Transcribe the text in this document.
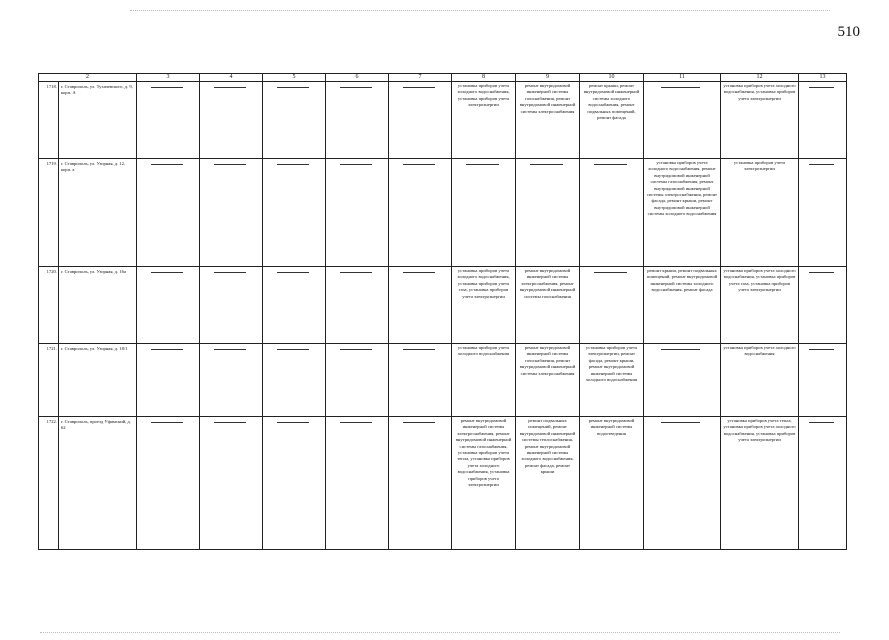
510
2		3	4	5	6	7	8	9	10	11	12	13
1718.	г. Ставрополь, ул. Тухачевского, д. 9, корп. А						установка приборов учета холодного водоснабжения, установка приборов учета электроэнергии	ремонт внутридомовой инженерной системы газоснабжения, ремонт внутридомовой инженерной системы электроснабжения	ремонт крыши, ремонт внутридомовой инженерной системы холодного водоснабжения, ремонт подвальных помещений, ремонт фасада		установка приборов учета холодного водоснабжения, установка приборов учета электроэнергии	
1719.	г. Ставрополь, ул. Узорная, д. 12, корп. а									установка приборов учета холодного водоснабжения, ремонт внутридомовой инженерной системы газоснабжения, ремонт внутридомовой инженерной системы электроснабжения, ремонт фасада, ремонт крыши, ремонт внутридомовой инженерной системы холодного водоснабжения	установка приборов учета электроэнергии	
1720.	г. Ставрополь, ул. Узорная, д. 16а						установка приборов учета холодного водоснабжения, установка приборов учета газа, установка приборов учета электроэнергии	ремонт внутридомовой инженерной системы электроснабжения, ремонт внутридомовой инженерной системы газоснабжения		ремонт крыши, ремонт подвальных помещений, ремонт внутридомовой инженерной системы холодного водоснабжения, ремонт фасада	установка приборов учета холодного водоснабжения, установка приборов учета газа, установка приборов учета электроэнергии	
1721.	г. Ставрополь, ул. Узорная, д. 18/1						установка приборов учета холодного водоснабжения	ремонт внутридомовой инженерной системы газоснабжения, ремонт внутридомовой инженерной системы электроснабжения	установка приборов учета электроэнергии, ремонт фасада, ремонт крыши, ремонт внутридомовой инженерной системы холодного водоснабжения		установка приборов учета холодного водоснабжения	
1722.	г. Ставрополь, проезд Уфимский, д. 62						ремонт внутридомовой инженерной системы электроснабжения, ремонт внутридомовой инженерной системы газоснабжения, установка приборов учета тепла, установка приборов учета холодного водоснабжения, установка приборов учета электроэнергии	ремонт подвальных помещений, ремонт внутридомовой инженерной системы теплоснабжения, ремонт внутридомовой инженерной системы холодного водоснабжения, ремонт фасада, ремонт крыши	ремонт внутридомовой инженерной системы водоотведения		установка приборов учета тепла, установка приборов учета холодного водоснабжения, установка приборов учета электроэнергии	
